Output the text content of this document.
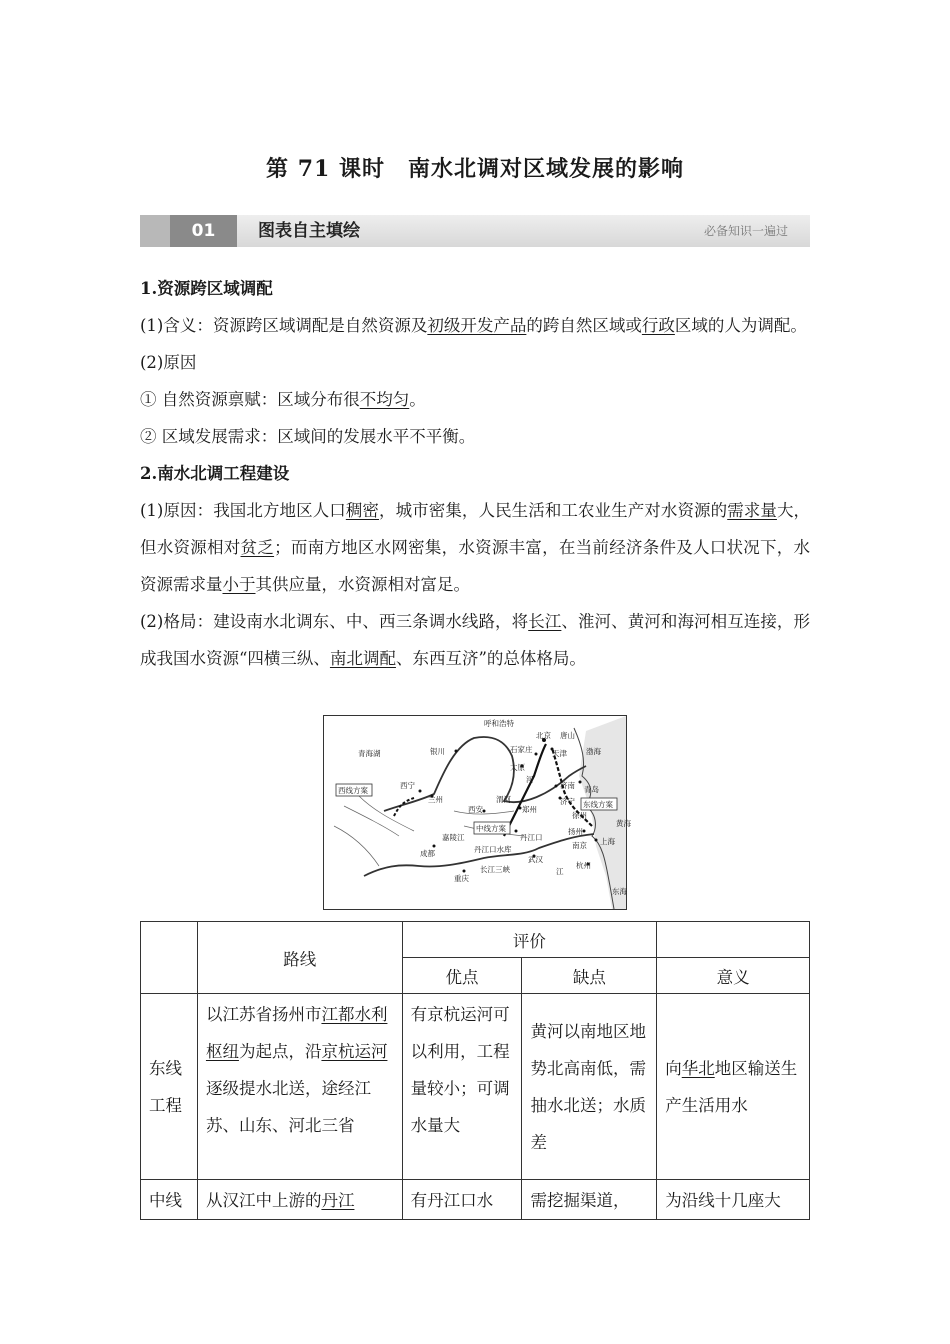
第 71 课时　南水北调对区域发展的影响
01	图表自主填绘	必备知识一遍过

1.资源跨区域调配

(1)含义：资源跨区域调配是自然资源及初级开发产品的跨自然区域或行政区域的人为调配。

(2)原因

① 自然资源禀赋：区域分布很不均匀。

② 区域发展需求：区域间的发展水平不平衡。

2.南水北调工程建设

(1)原因：我国北方地区人口稠密，城市密集，人民生活和工农业生产对水资源的需求量大，但水资源相对贫乏；而南方地区水网密集，水资源丰富，在当前经济条件及人口状况下，水资源需求量小于其供应量，水资源相对富足。

(2)格局：建设南水北调东、中、西三条调水线路，将长江、淮河、黄河和海河相互连接，形成我国水资源“四横三纵、南北调配、东西互济”的总体格局。

呼和浩特
北京 唐山
天津
石家庄
太原
青海湖	银川
兰州
西宁	济南 青岛
西安	郑州
济宁
徐州
扬州
南京 上海
杭州
武汉
成都
重庆
丹江口
丹江口水库
长江三峡
西线方案
中线方案
东线方案
黄海
渤海
东海
渭河
嘉陵江
江
河
	路线	评价		
		优点	缺点	意义
东线工程	以江苏省扬州市江都水利枢纽为起点，沿京杭运河逐级提水北送，途经江苏、山东、河北三省	有京杭运河可以利用，工程量较小；可调水量大	黄河以南地区地势北高南低，需抽水北送；水质差	向华北地区输送生产生活用水
中线	从汉江中上游的丹江	有丹江口水	需挖掘渠道，	为沿线十几座大
